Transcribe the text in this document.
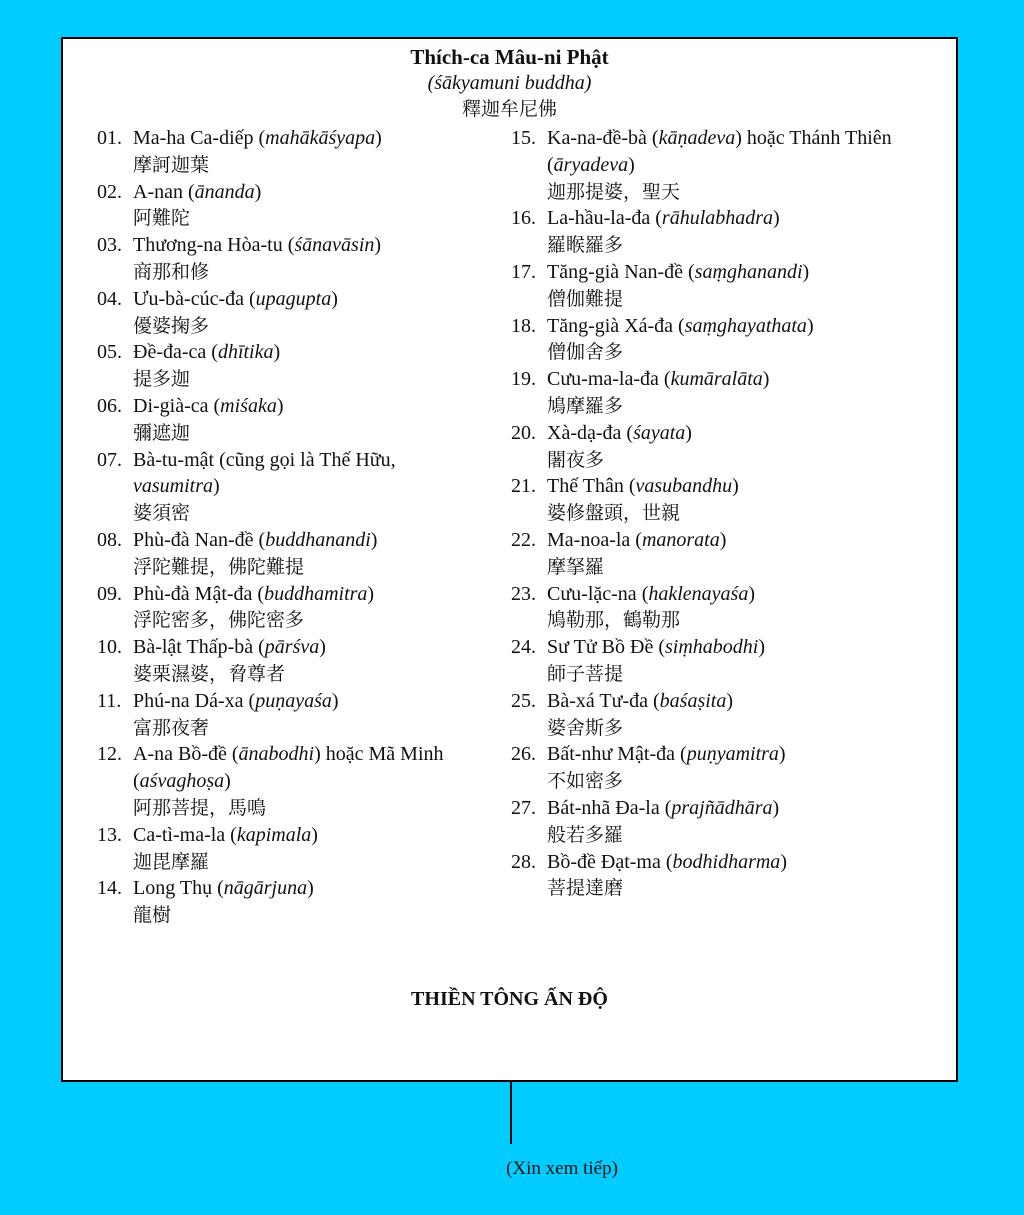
Thích-ca Mâu-ni Phật
(śākyamuni buddha)
釋迦牟尼佛
01. Ma-ha Ca-diếp (mahākāśyapa)
摩訶迦葉
02. A-nan (ānanda)
阿難陀
03. Thương-na Hòa-tu (śānavāsin)
商那和修
04. Ưu-bà-cúc-đa (upagupta)
優婆掬多
05. Đề-đa-ca (dhītika)
提多迦
06. Di-già-ca (miśaka)
彌遮迦
07. Bà-tu-mật (cũng gọi là Thế Hữu, vasumitra)
婆須密
08. Phù-đà Nan-đề (buddhanandi)
浮陀難提，佛陀難提
09. Phù-đà Mật-đa (buddhamitra)
浮陀密多，佛陀密多
10. Bà-lật Thấp-bà (pārśva)
婆栗濕婆，脅尊者
11. Phú-na Dá-xa (puṇayaśa)
富那夜奢
12. A-na Bồ-đề (ānabodhi) hoặc Mã Minh (aśvaghoṣa)
阿那菩提，馬鳴
13. Ca-tì-ma-la (kapimala)
迦毘摩羅
14. Long Thụ (nāgārjuna)
龍樹
15. Ka-na-đề-bà (kāṇadeva) hoặc Thánh Thiên (āryadeva)
迦那提婆，聖天
16. La-hầu-la-đa (rāhulabhadra)
羅睺羅多
17. Tăng-già Nan-đề (saṃghanandi)
僧伽難提
18. Tăng-già Xá-đa (saṃghayathata)
僧伽舍多
19. Cưu-ma-la-đa (kumāralāta)
鳩摩羅多
20. Xà-dạ-đa (śayata)
闍夜多
21. Thế Thân (vasubandhu)
婆修盤頭，世親
22. Ma-noa-la (manorata)
摩拏羅
23. Cưu-lặc-na (haklenayaśa)
鳩勒那，鶴勒那
24. Sư Tử Bồ Đề (siṃhabodhi)
師子菩提
25. Bà-xá Tư-đa (baśaṣita)
婆舍斯多
26. Bất-như Mật-đa (puṇyamitra)
不如密多
27. Bát-nhã Đa-la (prajñādhāra)
般若多羅
28. Bồ-đề Đạt-ma (bodhidharma)
菩提達磨
THIỀN TÔNG ẤN ĐỘ
(Xin xem tiếp)
